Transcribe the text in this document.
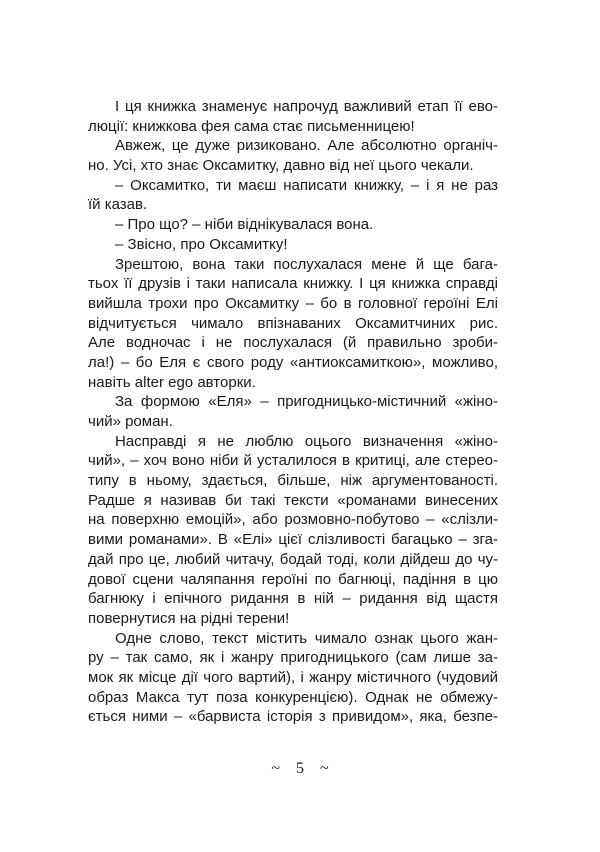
І ця книжка знаменує напрочуд важливий етап її ево-
люції: книжкова фея сама стає письменницею!
Авжеж, це дуже ризиковано. Але абсолютно органіч-
но. Усі, хто знає Оксамитку, давно від неї цього чекали.
– Оксамитко, ти маєш написати книжку, – і я не раз
їй казав.
– Про що? – ніби віднікувалася вона.
– Звісно, про Оксамитку!
Зрештою, вона таки послухалася мене й ще бага-
тьох її друзів і таки написала книжку. І ця книжка справді
вийшла трохи про Оксамитку – бо в головної героїні Елі
відчитується чимало впізнаваних Оксамитчиних рис.
Але водночас і не послухалася (й правильно зроби-
ла!) – бо Еля є свого роду «антиоксамиткою», можливо,
навіть alter ego авторки.
За формою «Еля» – пригодницько-містичний «жіно-
чий» роман.
Насправді я не люблю оцього визначення «жіно-
чий», – хоч воно ніби й усталилося в критиці, але стерео-
типу в ньому, здається, більше, ніж аргументованості.
Радше я називав би такі тексти «романами винесених
на поверхню емоцій», або розмовно-побутово – «слізли-
вими романами». В «Елі» цієї слізливості багацько – зга-
дай про це, любий читачу, бодай тоді, коли дійдеш до чу-
дової сцени чаляпання героїні по багнюці, падіння в цю
багнюку і епічного ридання в ній – ридання від щастя
повернутися на рідні терени!
Одне слово, текст містить чимало ознак цього жан-
ру – так само, як і жанру пригодницького (сам лише за-
мок як місце дії чого вартий), і жанру містичного (чудовий
образ Макса тут поза конкуренцією). Однак не обмежу-
ється ними – «барвиста історія з привидом», яка, безпе-
~ 5 ~
